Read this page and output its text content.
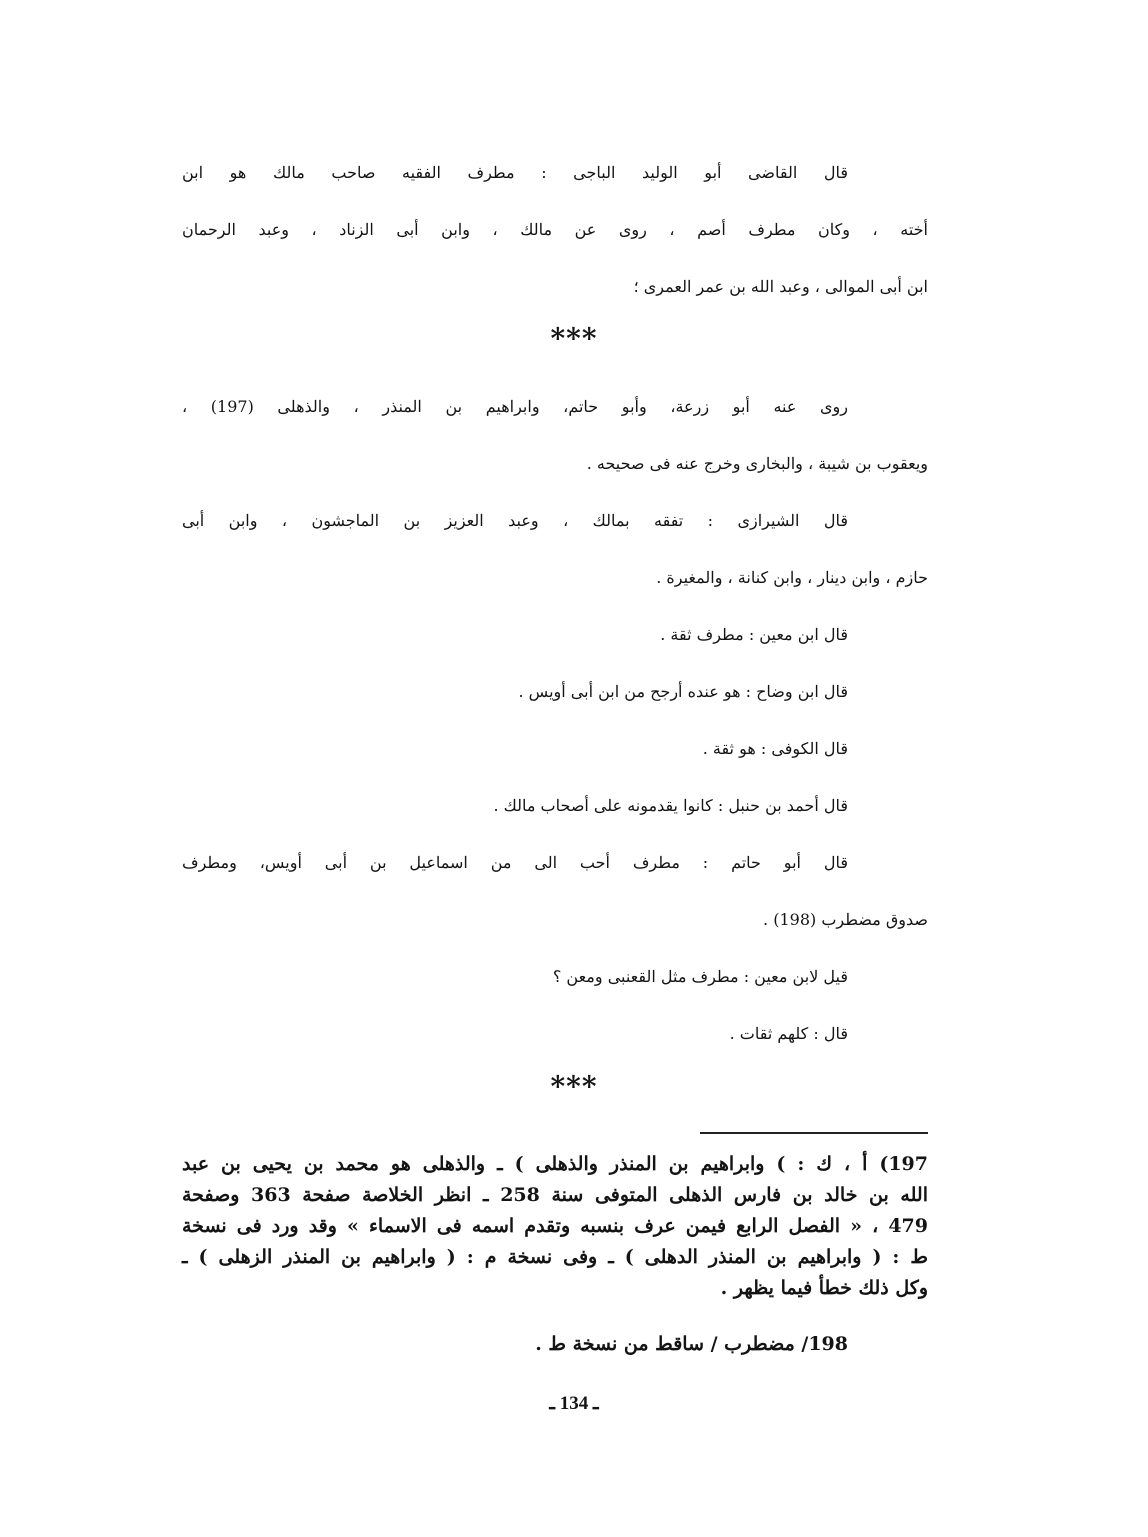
قال القاضى أبو الوليد الباجى : مطرف الفقيه صاحب مالك هو ابن
أخته ، وكان مطرف أصم ، روى عن مالك ، وابن أبى الزناد ، وعبد الرحمان
ابن أبى الموالى ، وعبد الله بن عمر العمرى ؛
***
روى عنه أبو زرعة، وأبو حاتم، وابراهيم بن المنذر ، والذهلى (197) ،
ويعقوب بن شيبة ، والبخارى وخرج عنه فى صحيحه .
قال الشيرازى : تفقه بمالك ، وعبد العزيز بن الماجشون ، وابن أبى
حازم ، وابن دينار ، وابن كنانة ، والمغيرة .
قال ابن معين : مطرف ثقة .
قال ابن وضاح : هو عنده أرجح من ابن أبى أويس .
قال الكوفى : هو ثقة .
قال أحمد بن حنبل : كانوا يقدمونه على أصحاب مالك .
قال أبو حاتم : مطرف أحب الى من اسماعيل بن أبى أويس، ومطرف
صدوق مضطرب (198) .
قيل لابن معين : مطرف مثل القعنبى ومعن ؟
قال : كلهم ثقات .
***
197) أ ، ك : ) وابراهيم بن المنذر والذهلى ) ـ والذهلى هو محمد بن يحيى بن عبد
الله بن خالد بن فارس الذهلى المتوفى سنة 258 ـ انظر الخلاصة صفحة 363 وصفحة
479 ، « الفصل الرابع فيمن عرف بنسبه وتقدم اسمه فى الاسماء » وقد ورد فى نسخة
ط : ( وابراهيم بن المنذر الدهلى ) ـ وفى نسخة م : ( وابراهيم بن المنذر الزهلى ) ـ
وكل ذلك خطأ فيما يظهر .
198/ مضطرب / ساقط من نسخة ط .
ـ 134 ـ
